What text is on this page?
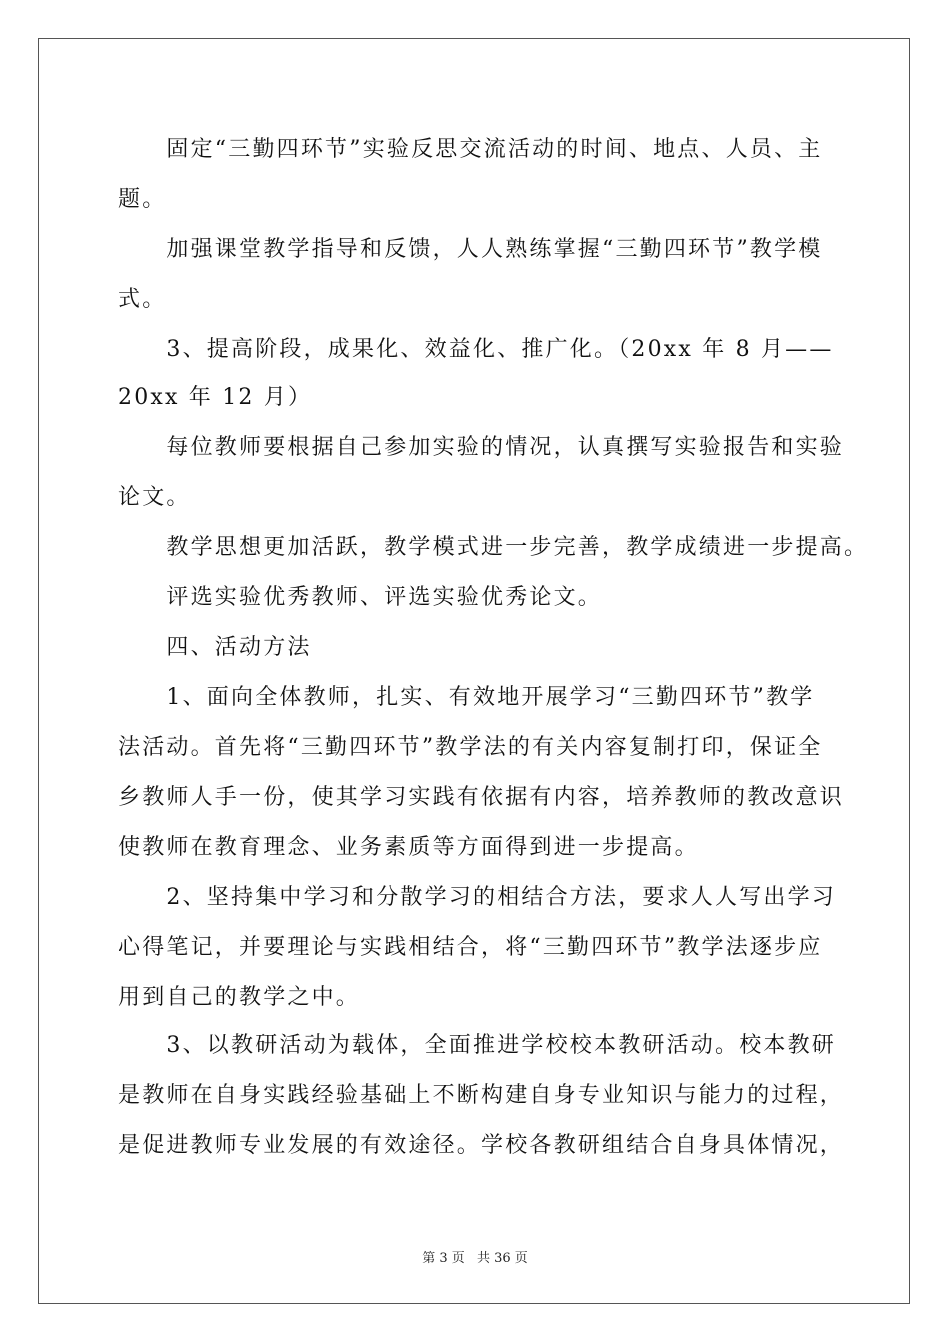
　　固定“三勤四环节”实验反思交流活动的时间、地点、人员、主

题。

　　加强课堂教学指导和反馈，人人熟练掌握“三勤四环节”教学模

式。

　　3、提高阶段，成果化、效益化、推广化。（20xx 年 8 月——

20xx 年 12 月）

　　每位教师要根据自己参加实验的情况，认真撰写实验报告和实验

论文。

　　教学思想更加活跃，教学模式进一步完善，教学成绩进一步提高。

　　评选实验优秀教师、评选实验优秀论文。

　　四、活动方法

　　1、面向全体教师，扎实、有效地开展学习“三勤四环节”教学

法活动。首先将“三勤四环节”教学法的有关内容复制打印，保证全

乡教师人手一份，使其学习实践有依据有内容，培养教师的教改意识

使教师在教育理念、业务素质等方面得到进一步提高。

　　2、坚持集中学习和分散学习的相结合方法，要求人人写出学习

心得笔记，并要理论与实践相结合，将“三勤四环节”教学法逐步应

用到自己的教学之中。

　　3、以教研活动为载体，全面推进学校校本教研活动。校本教研

是教师在自身实践经验基础上不断构建自身专业知识与能力的过程，

是促进教师专业发展的有效途径。学校各教研组结合自身具体情况，

第 3 页 共 36 页
